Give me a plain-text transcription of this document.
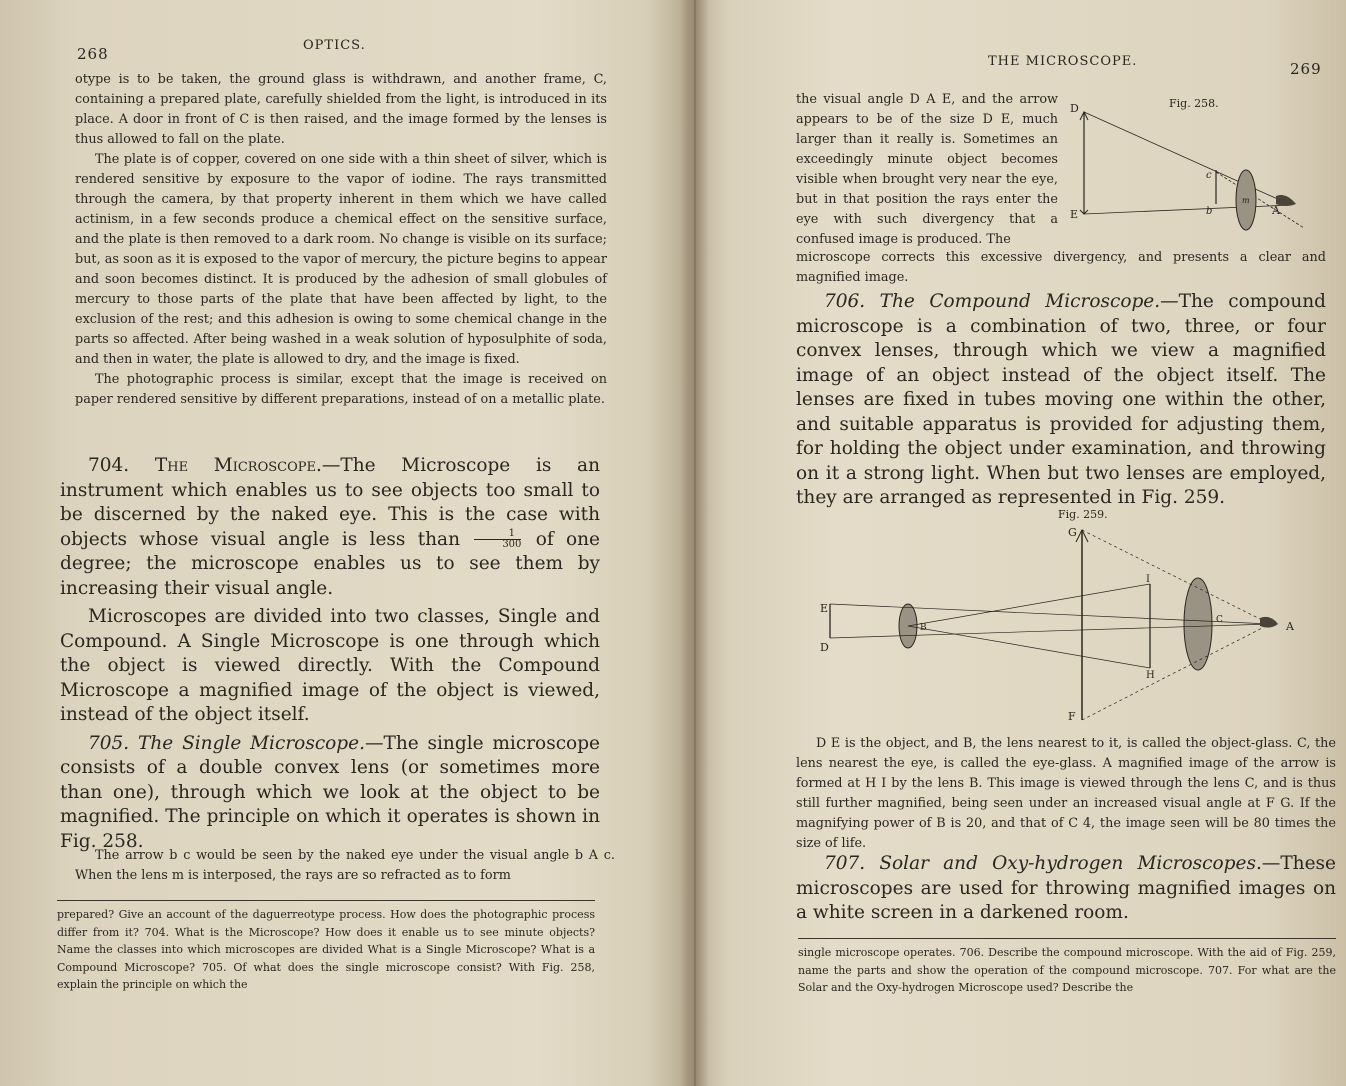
268	OPTICS.

otype is to be taken, the ground glass is withdrawn, and another frame, C, containing a prepared plate, carefully shielded from the light, is introduced in its place. A door in front of C is then raised, and the image formed by the lenses is thus allowed to fall on the plate.

The plate is of copper, covered on one side with a thin sheet of silver, which is rendered sensitive by exposure to the vapor of iodine. The rays transmitted through the camera, by that property inherent in them which we have called actinism, in a few seconds produce a chemical effect on the sensitive surface, and the plate is then removed to a dark room. No change is visible on its surface; but, as soon as it is exposed to the vapor of mercury, the picture begins to appear and soon becomes distinct. It is produced by the adhesion of small globules of mercury to those parts of the plate that have been affected by light, to the exclusion of the rest; and this adhesion is owing to some chemical change in the parts so affected. After being washed in a weak solution of hyposulphite of soda, and then in water, the plate is allowed to dry, and the image is fixed.

The photographic process is similar, except that the image is received on paper rendered sensitive by different preparations, instead of on a metallic plate.

704. The Microscope.—The Microscope is an instrument which enables us to see objects too small to be discerned by the naked eye. This is the case with objects whose visual angle is less than $\frac{1}{300}$ of one degree; the microscope enables us to see them by increasing their visual angle.

Microscopes are divided into two classes, Single and Compound. A Single Microscope is one through which the object is viewed directly. With the Compound Microscope a magnified image of the object is viewed, instead of the object itself.

705. The Single Microscope.—The single microscope consists of a double convex lens (or sometimes more than one), through which we look at the object to be magnified. The principle on which it operates is shown in Fig. 258.

The arrow b c would be seen by the naked eye under the visual angle b A c. When the lens m is interposed, the rays are so refracted as to form

prepared? Give an account of the daguerreotype process. How does the photographic process differ from it? 704. What is the Microscope? How does it enable us to see minute objects? Name the classes into which microscopes are divided What is a Single Microscope? What is a Compound Microscope? 705. Of what does the single microscope consist? With Fig. 258, explain the principle on which the

THE MICROSCOPE.	269

the visual angle D A E, and the arrow appears to be of the size D E, much larger than it really is. Sometimes an exceedingly minute object becomes visible when brought very near the eye, but in that position the rays enter the eye with such divergency that a confused image is produced. The

Fig. 258.
D
E
c
b
m
A

microscope corrects this excessive divergency, and presents a clear and magnified image.

706. The Compound Microscope.—The compound microscope is a combination of two, three, or four convex lenses, through which we view a magnified image of an object instead of the object itself. The lenses are fixed in tubes moving one within the other, and suitable apparatus is provided for adjusting them, for holding the object under examination, and throwing on it a strong light. When but two lenses are employed, they are arranged as represented in Fig. 259.

Fig. 259.
G
F
E
D
B
I
H
C	A

D E is the object, and B, the lens nearest to it, is called the object-glass. C, the lens nearest the eye, is called the eye-glass. A magnified image of the arrow is formed at H I by the lens B. This image is viewed through the lens C, and is thus still further magnified, being seen under an increased visual angle at F G. If the magnifying power of B is 20, and that of C 4, the image seen will be 80 times the size of life.

707. Solar and Oxy-hydrogen Microscopes.—These microscopes are used for throwing magnified images on a white screen in a darkened room.

single microscope operates. 706. Describe the compound microscope. With the aid of Fig. 259, name the parts and show the operation of the compound microscope. 707. For what are the Solar and the Oxy-hydrogen Microscope used? Describe the
